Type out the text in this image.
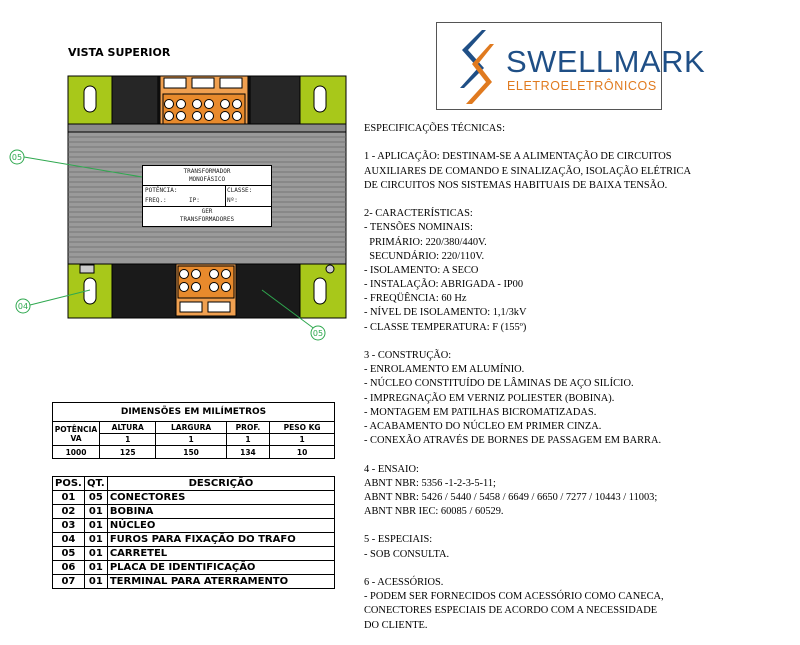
VISTA SUPERIOR
05
04
05
TRANSFORMADOR
MONOFÁSICO
POTÊNCIA:	CLASSE:
FREQ.:	IP:	Nº:
GER
TRANSFORMADORES
SWELLMARK
ELETROELETRÔNICOS
ESPECIFICAÇÕES TÉCNICAS:
1 - APLICAÇÃO: DESTINAM-SE A ALIMENTAÇÃO DE CIRCUITOS
AUXILIARES DE COMANDO E SINALIZAÇÃO, ISOLAÇÃO ELÉTRICA
DE CIRCUITOS NOS SISTEMAS HABITUAIS DE BAIXA TENSÃO.
2- CARACTERÍSTICAS:
- TENSÕES NOMINAIS:
PRIMÁRIO: 220/380/440V.
SECUNDÁRIO: 220/110V.
- ISOLAMENTO: A SECO
- INSTALAÇÃO: ABRIGADA - IP00
- FREQÜÊNCIA: 60 Hz
- NÍVEL DE ISOLAMENTO: 1,1/3kV
- CLASSE TEMPERATURA: F (155º)
3 - CONSTRUÇÃO:
- ENROLAMENTO EM ALUMÍNIO.
- NÚCLEO CONSTITUÍDO DE LÂMINAS DE AÇO SILÍCIO.
- IMPREGNAÇÃO EM VERNIZ POLIESTER (BOBINA).
- MONTAGEM EM PATILHAS BICROMATIZADAS.
- ACABAMENTO DO NÚCLEO EM PRIMER CINZA.
- CONEXÃO ATRAVÉS DE BORNES DE PASSAGEM EM BARRA.
4 - ENSAIO:
ABNT NBR: 5356 -1-2-3-5-11;
ABNT NBR: 5426 / 5440 / 5458 / 6649 / 6650 / 7277 / 10443 / 11003;
ABNT NBR IEC: 60085 / 60529.
5 - ESPECIAIS:
- SOB CONSULTA.
6 - ACESSÓRIOS.
- PODEM SER FORNECIDOS COM ACESSÓRIO COMO CANECA,
CONECTORES ESPECIAIS DE ACORDO COM A NECESSIDADE
DO CLIENTE.
DIMENSÕES EM MILÍMETROS				
POTÊNCIA
VA	ALTURA	LARGURA	PROF.	PESO KG
	1	1	1	1
1000	125	150	134	10
POS.	QT.	DESCRIÇÃO
01	05	CONECTORES
02	01	BOBINA
03	01	NÚCLEO
04	01	FUROS PARA FIXAÇÃO DO TRAFO
05	01	CARRETEL
06	01	PLACA DE IDENTIFICAÇÃO
07	01	TERMINAL PARA ATERRAMENTO
